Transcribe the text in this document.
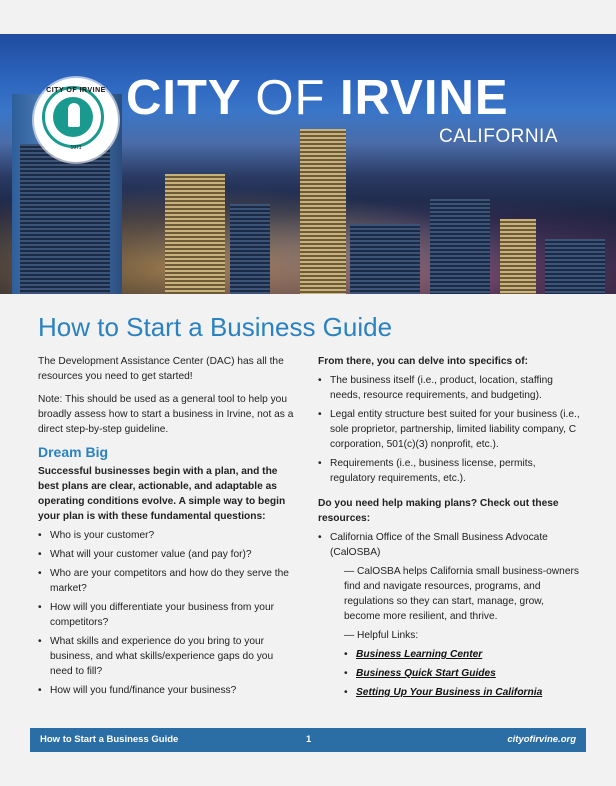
CITY OF IRVINE
1971
CITY OF IRVINE
CALIFORNIA
How to Start a Business Guide

The Development Assistance Center (DAC) has all the resources you need to get started!

Note: This should be used as a general tool to help you broadly assess how to start a business in Irvine, not as a direct step-by-step guideline.

Dream Big

Successful businesses begin with a plan, and the best plans are clear, actionable, and adaptable as operating conditions evolve. A simple way to begin your plan is with these fundamental questions:

• Who is your customer?
• What will your customer value (and pay for)?
• Who are your competitors and how do they serve the market?
• How will you differentiate your business from your competitors?
• What skills and experience do you bring to your business, and what skills/experience gaps do you need to fill?
• How will you fund/finance your business?

From there, you can delve into specifics of:

• The business itself (i.e., product, location, staffing needs, resource requirements, and budgeting).
• Legal entity structure best suited for your business (i.e., sole proprietor, partnership, limited liability company, C corporation, 501(c)(3) nonprofit, etc.).
• Requirements (i.e., business license, permits, regulatory requirements, etc.).

Do you need help making plans? Check out these resources:

• California Office of the Small Business Advocate (CalOSBA)
— CalOSBA helps California small business-owners find and navigate resources, programs, and regulations so they can start, manage, grow, become more resilient, and thrive.
— Helpful Links:
• Business Learning Center
• Business Quick Start Guides
• Setting Up Your Business in California
How to Start a Business Guide	1	cityofirvine.org
